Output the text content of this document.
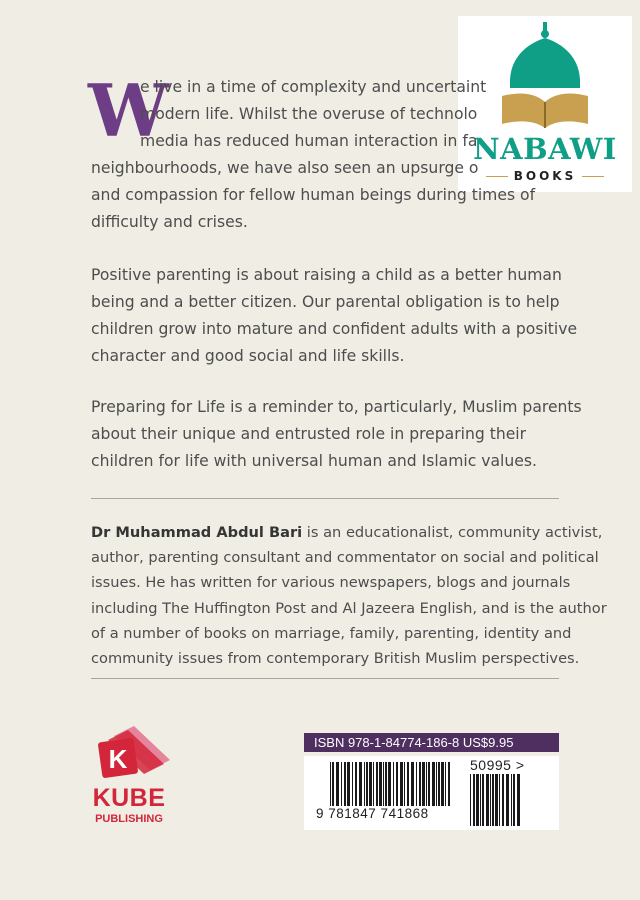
NABAWI
BOOKS
W
e live in a time of complexity and uncertaint
modern life. Whilst the overuse of technolo
media has reduced human interaction in fa
neighbourhoods, we have also seen an upsurge o
and compassion for fellow human beings during times of
difficulty and crises.
Positive parenting is about raising a child as a better human
being and a better citizen. Our parental obligation is to help
children grow into mature and confident adults with a positive
character and good social and life skills.
Preparing for Life is a reminder to, particularly, Muslim parents
about their unique and entrusted role in preparing their
children for life with universal human and Islamic values.
Dr Muhammad Abdul Bari is an educationalist, community activist,
author, parenting consultant and commentator on social and political
issues. He has written for various newspapers, blogs and journals
including The Huffington Post and Al Jazeera English, and is the author
of a number of books on marriage, family, parenting, identity and
community issues from contemporary British Muslim perspectives.
K
KUBE
PUBLISHING
ISBN 978-1-84774-186-8 US$9.95
9 781847 741868
50995 >
